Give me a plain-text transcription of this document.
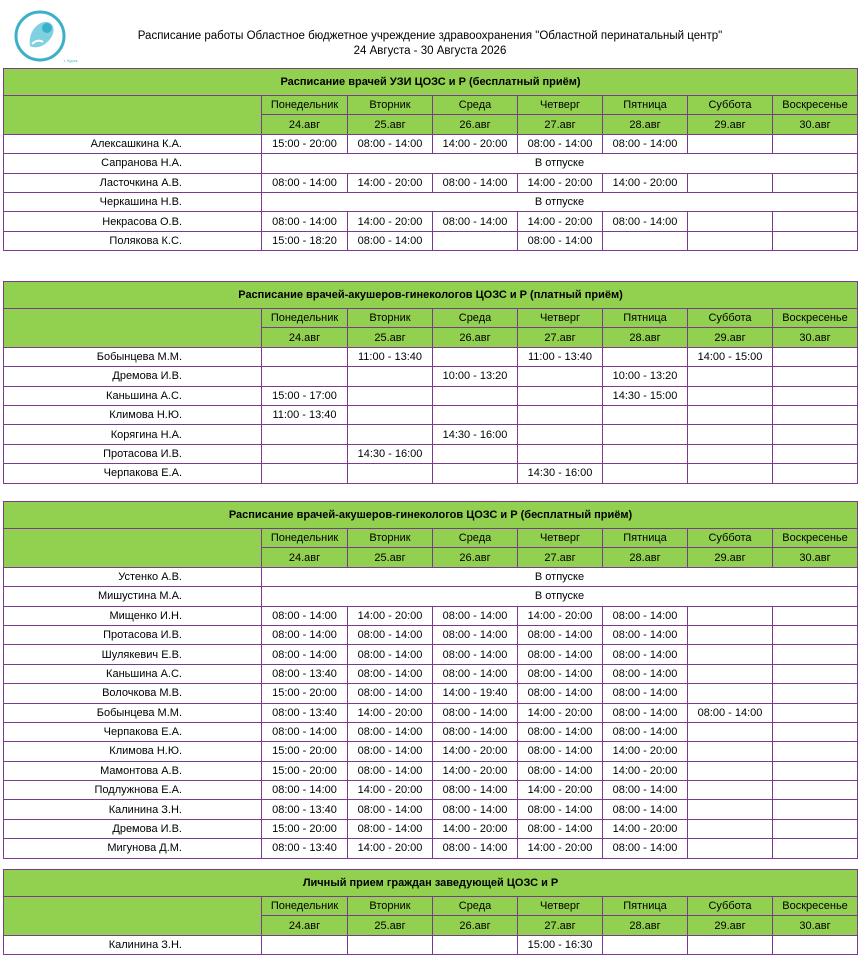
г. Курск
Расписание работы Областное бюджетное учреждение здравоохранения "Областной перинатальный центр"
24 Августа - 30 Августа 2026
Расписание врачей УЗИ ЦОЗС и Р (бесплатный приём)							
	Понедельник	Вторник	Среда	Четверг	Пятница	Суббота	Воскресенье
	24.авг	25.авг	26.авг	27.авг	28.авг	29.авг	30.авг
Алексашкина К.А.	15:00 - 20:00	08:00 - 14:00	14:00 - 20:00	08:00 - 14:00	08:00 - 14:00		
Сапранова Н.А.	В отпуске						
Ласточкина А.В.	08:00 - 14:00	14:00 - 20:00	08:00 - 14:00	14:00 - 20:00	14:00 - 20:00		
Черкашина Н.В.	В отпуске						
Некрасова О.В.	08:00 - 14:00	14:00 - 20:00	08:00 - 14:00	14:00 - 20:00	08:00 - 14:00		
Полякова К.С.	15:00 - 18:20	08:00 - 14:00		08:00 - 14:00			
Расписание врачей-акушеров-гинекологов ЦОЗС и Р (платный приём)							
	Понедельник	Вторник	Среда	Четверг	Пятница	Суббота	Воскресенье
	24.авг	25.авг	26.авг	27.авг	28.авг	29.авг	30.авг
Бобынцева М.М.		11:00 - 13:40		11:00 - 13:40		14:00 - 15:00	
Дремова И.В.			10:00 - 13:20		10:00 - 13:20		
Каньшина А.С.	15:00 - 17:00				14:30 - 15:00		
Климова Н.Ю.	11:00 - 13:40						
Корягина Н.А.			14:30 - 16:00				
Протасова И.В.		14:30 - 16:00					
Черпакова Е.А.				14:30 - 16:00			
Расписание врачей-акушеров-гинекологов ЦОЗС и Р (бесплатный приём)							
	Понедельник	Вторник	Среда	Четверг	Пятница	Суббота	Воскресенье
	24.авг	25.авг	26.авг	27.авг	28.авг	29.авг	30.авг
Устенко А.В.	В отпуске						
Мишустина М.А.	В отпуске						
Мищенко И.Н.	08:00 - 14:00	14:00 - 20:00	08:00 - 14:00	14:00 - 20:00	08:00 - 14:00		
Протасова И.В.	08:00 - 14:00	08:00 - 14:00	08:00 - 14:00	08:00 - 14:00	08:00 - 14:00		
Шулякевич Е.В.	08:00 - 14:00	08:00 - 14:00	08:00 - 14:00	08:00 - 14:00	08:00 - 14:00		
Каньшина А.С.	08:00 - 13:40	08:00 - 14:00	08:00 - 14:00	08:00 - 14:00	08:00 - 14:00		
Волочкова М.В.	15:00 - 20:00	08:00 - 14:00	14:00 - 19:40	08:00 - 14:00	08:00 - 14:00		
Бобынцева М.М.	08:00 - 13:40	14:00 - 20:00	08:00 - 14:00	14:00 - 20:00	08:00 - 14:00	08:00 - 14:00	
Черпакова Е.А.	08:00 - 14:00	08:00 - 14:00	08:00 - 14:00	08:00 - 14:00	08:00 - 14:00		
Климова Н.Ю.	15:00 - 20:00	08:00 - 14:00	14:00 - 20:00	08:00 - 14:00	14:00 - 20:00		
Мамонтова А.В.	15:00 - 20:00	08:00 - 14:00	14:00 - 20:00	08:00 - 14:00	14:00 - 20:00		
Подлужнова Е.А.	08:00 - 14:00	14:00 - 20:00	08:00 - 14:00	14:00 - 20:00	08:00 - 14:00		
Калинина З.Н.	08:00 - 13:40	08:00 - 14:00	08:00 - 14:00	08:00 - 14:00	08:00 - 14:00		
Дремова И.В.	15:00 - 20:00	08:00 - 14:00	14:00 - 20:00	08:00 - 14:00	14:00 - 20:00		
Мигунова Д.М.	08:00 - 13:40	14:00 - 20:00	08:00 - 14:00	14:00 - 20:00	08:00 - 14:00		
Личный прием граждан заведующей ЦОЗС и Р							
	Понедельник	Вторник	Среда	Четверг	Пятница	Суббота	Воскресенье
	24.авг	25.авг	26.авг	27.авг	28.авг	29.авг	30.авг
Калинина З.Н.				15:00 - 16:30			
